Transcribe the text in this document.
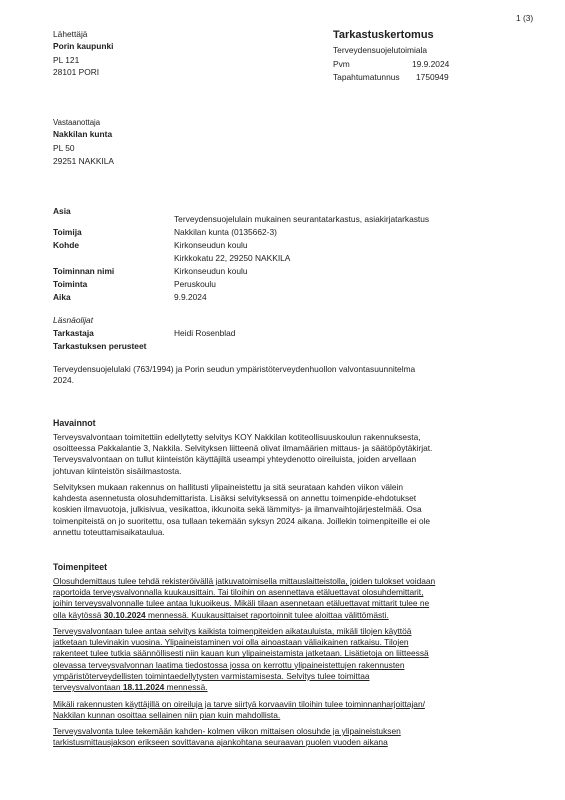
1 (3)
Lähettäjä
Porin kaupunki
PL 121
28101 PORI
Tarkastuskertomus
Terveydensuojelutoimiala
Pvm	19.9.2024
Tapahtumatunnus 1750949
Vastaanottaja
Nakkilan kunta
PL 50
29251 NAKKILA
Asia
Terveydensuojelulain mukainen seurantatarkastus, asiakirjatarkastus
Toimija	Nakkilan kunta (0135662-3)
Kohde	Kirkonseudun koulu
Kirkkokatu 22, 29250 NAKKILA
Toiminnan nimi	Kirkonseudun koulu
Toiminta	Peruskoulu
Aika	9.9.2024
Läsnäolijat
Tarkastaja	Heidi Rosenblad
Tarkastuksen perusteet
Terveydensuojelulaki (763/1994) ja Porin seudun ympäristöterveydenhuollon valvontasuunnitelma
2024.
Havainnot
Terveysvalvontaan toimitettiin edellytetty selvitys KOY Nakkilan kotiteollisuuskoulun rakennuksesta,
osoitteessa Pakkalantie 3, Nakkila. Selvityksen liitteenä olivat ilmamäärien mittaus- ja säätöpöytäkirjat.
Terveysvalvontaan on tullut kiinteistön käyttäjiltä useampi yhteydenotto oireiluista, joiden arvellaan
johtuvan kiinteistön sisäilmastosta.
Selvityksen mukaan rakennus on hallitusti ylipaineistettu ja sitä seurataan kahden viikon välein
kahdesta asennetusta olosuhdemittarista. Lisäksi selvityksessä on annettu toimenpide-ehdotukset
koskien ilmavuotoja, julkisivua, vesikattoa, ikkunoita sekä lämmitys- ja ilmanvaihtojärjestelmää. Osa
toimenpiteistä on jo suoritettu, osa tullaan tekemään syksyn 2024 aikana. Joillekin toimenpiteille ei ole
annettu toteuttamisaikataulua.
Toimenpiteet
Olosuhdemittaus tulee tehdä rekisteröivällä jatkuvatoimisella mittauslaitteistolla, joiden tulokset voidaan
raportoida terveysvalvonnalla kuukausittain. Tai tiloihin on asennettava etäluettavat olosuhdemittarit,
joihin terveysvalvonnalle tulee antaa lukuoikeus. Mikäli tilaan asennetaan etäluettavat mittarit tulee ne
olla käytössä 30.10.2024 mennessä. Kuukausittaiset raportoinnit tulee aloittaa välittömästi.
Terveysvalvontaan tulee antaa selvitys kaikista toimenpiteiden aikatauluista, mikäli tilojen käyttöä
jatketaan tulevinakin vuosina. Ylipaineistaminen voi olla ainoastaan väliaikainen ratkaisu. Tilojen
rakenteet tulee tutkia säännöllisesti niin kauan kun ylipaineistamista jatketaan. Lisätietoja on liitteessä
olevassa terveysvalvonnan laatima tiedostossa jossa on kerrottu ylipaineistettujen rakennusten
ympäristöterveydellisten toimintaedellytysten varmistamisesta. Selvitys tulee toimittaa
terveysvalvontaan 18.11.2024 mennessä.
Mikäli rakennusten käyttäjillä on oireiluja ja tarve siirtyä korvaaviin tiloihin tulee toiminnanharjoittajan/
Nakkilan kunnan osoittaa sellainen niin pian kuin mahdollista.
Terveysvalvonta tulee tekemään kahden- kolmen viikon mittaisen olosuhde ja ylipaineistuksen
tarkistusmittausjakson erikseen sovittavana ajankohtana seuraavan puolen vuoden aikana
